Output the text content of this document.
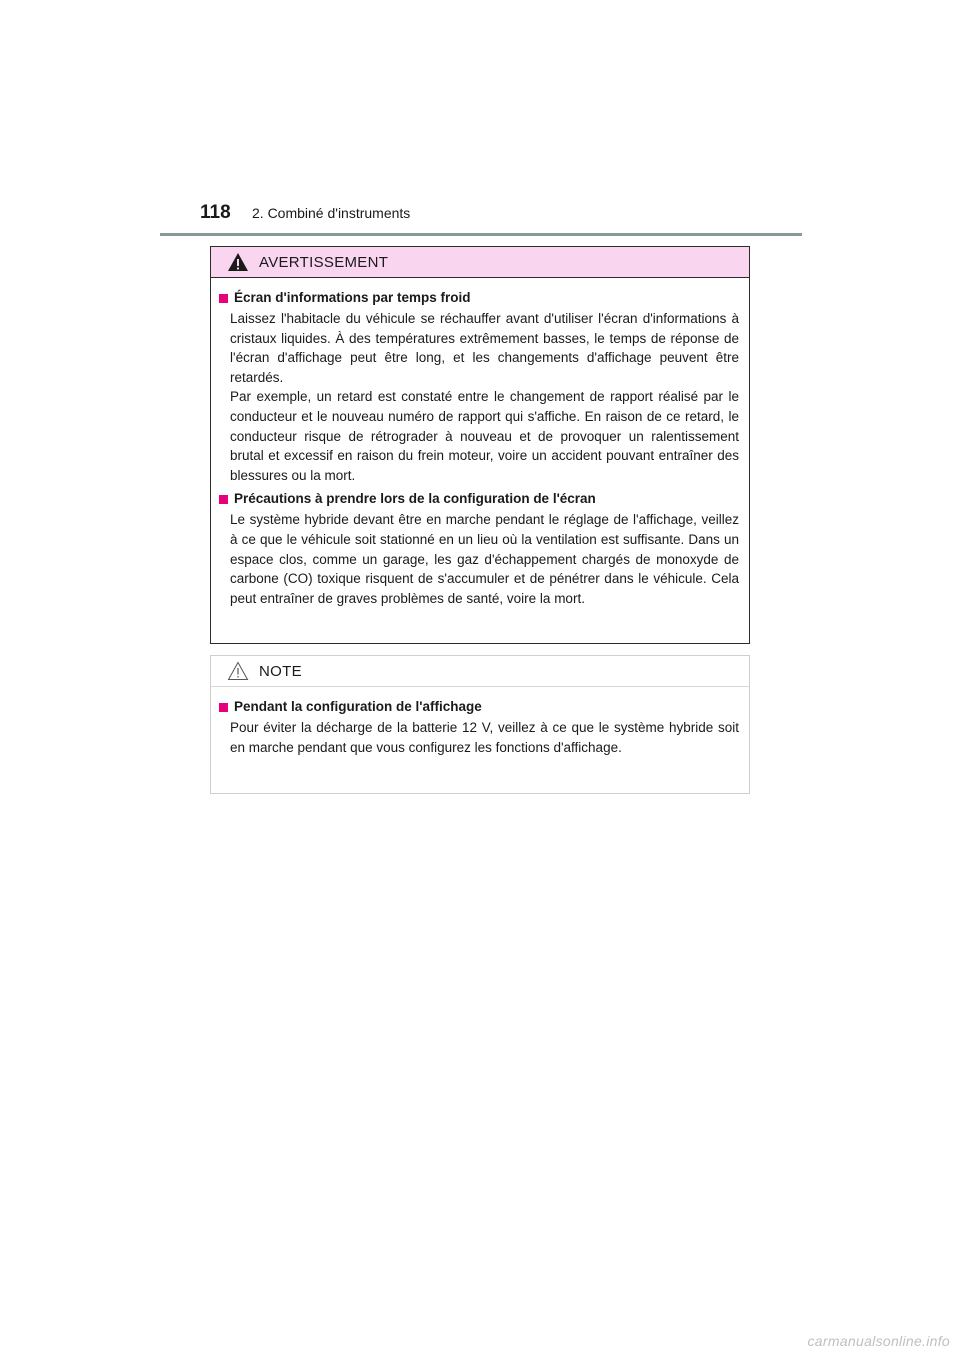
118	2. Combiné d'instruments
AVERTISSEMENT
Écran d'informations par temps froid

Laissez l'habitacle du véhicule se réchauffer avant d'utiliser l'écran d'informations à cristaux liquides. À des températures extrêmement basses, le temps de réponse de l'écran d'affichage peut être long, et les changements d'affichage peuvent être retardés.

Par exemple, un retard est constaté entre le changement de rapport réalisé par le conducteur et le nouveau numéro de rapport qui s'affiche. En raison de ce retard, le conducteur risque de rétrograder à nouveau et de provoquer un ralentissement brutal et excessif en raison du frein moteur, voire un accident pouvant entraîner des blessures ou la mort.

Précautions à prendre lors de la configuration de l'écran

Le système hybride devant être en marche pendant le réglage de l'affichage, veillez à ce que le véhicule soit stationné en un lieu où la ventilation est suffisante. Dans un espace clos, comme un garage, les gaz d'échappement chargés de monoxyde de carbone (CO) toxique risquent de s'accumuler et de pénétrer dans le véhicule. Cela peut entraîner de graves problèmes de santé, voire la mort.

NOTE
Pendant la configuration de l'affichage

Pour éviter la décharge de la batterie 12 V, veillez à ce que le système hybride soit en marche pendant que vous configurez les fonctions d'affichage.

carmanualsonline.info
